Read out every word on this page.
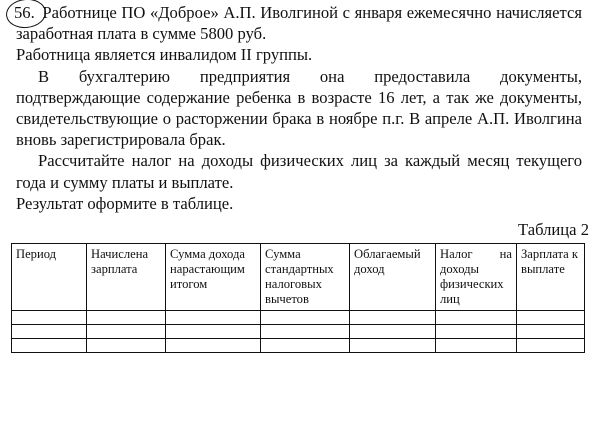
56. Работнице ПО «Доброе» А.П. Иволгиной с января ежемесячно начисляется заработная плата в сумме 5800 руб.

Работница является инвалидом II группы.

В бухгалтерию предприятия она предоставила документы, подтверждающие содержание ребенка в возрасте 16 лет, а так же документы, свидетельствующие о расторжении брака в ноябре п.г. В апреле А.П. Иволгина вновь зарегистрировала брак.

Рассчитайте налог на доходы физических лиц за каждый месяц текущего года и сумму платы и выплате.

Результат оформите в таблице.

Таблица 2
Период	Начислена зарплата	Сумма дохода нарастающим итогом	Сумма стандартных налоговых вычетов	Облагаемый доход	Налог на доходы физических лиц	Зарплата к выплате
